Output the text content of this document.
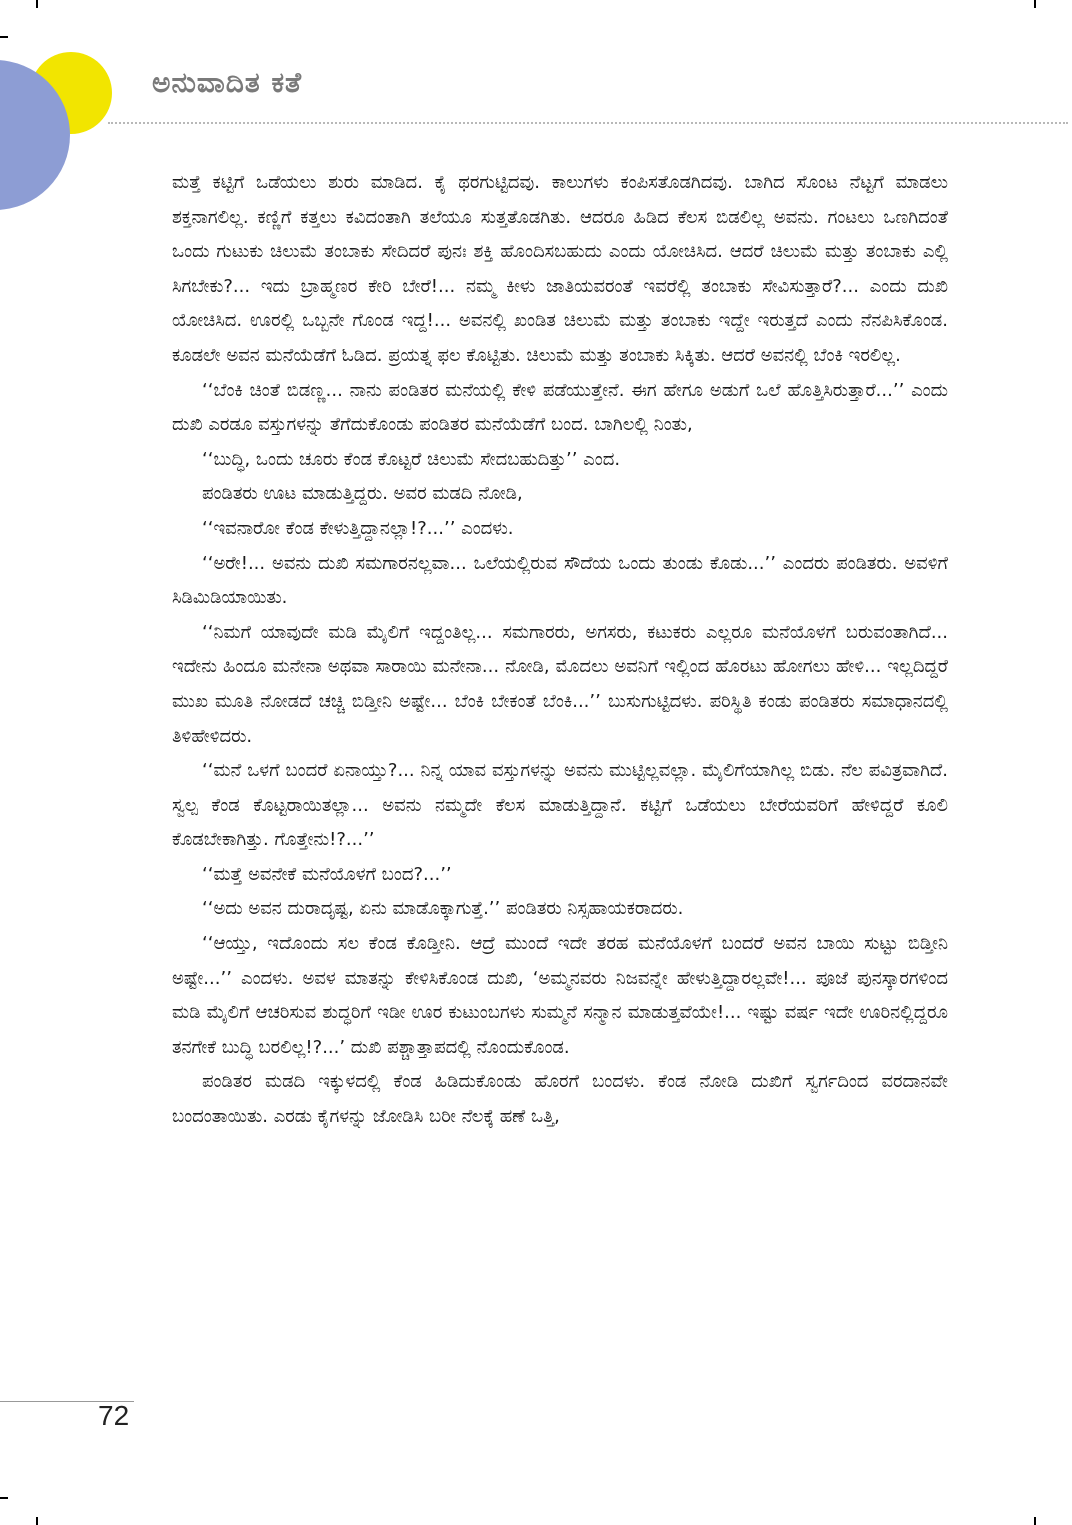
ಅನುವಾದಿತ ಕತೆ

ಮತ್ತೆ ಕಟ್ಟಿಗೆ ಒಡೆಯಲು ಶುರು ಮಾಡಿದ. ಕೈ ಥರಗುಟ್ಟಿದವು. ಕಾಲುಗಳು ಕಂಪಿಸತೊಡಗಿದವು. ಬಾಗಿದ ಸೊಂಟ ನೆಟ್ಟಗೆ ಮಾಡಲು ಶಕ್ತನಾಗಲಿಲ್ಲ. ಕಣ್ಣಿಗೆ ಕತ್ತಲು ಕವಿದಂತಾಗಿ ತಲೆಯೂ ಸುತ್ತತೊಡಗಿತು. ಆದರೂ ಹಿಡಿದ ಕೆಲಸ ಬಿಡಲಿಲ್ಲ ಅವನು. ಗಂಟಲು ಒಣಗಿದಂತೆ ಒಂದು ಗುಟುಕು ಚಿಲುಮೆ ತಂಬಾಕು ಸೇದಿದರೆ ಪುನಃ ಶಕ್ತಿ ಹೊಂದಿಸಬಹುದು ಎಂದು ಯೋಚಿಸಿದ. ಆದರೆ ಚಿಲುಮೆ ಮತ್ತು ತಂಬಾಕು ಎಲ್ಲಿ ಸಿಗಬೇಕು?... ಇದು ಬ್ರಾಹ್ಮಣರ ಕೇರಿ ಬೇರೆ!... ನಮ್ಮ ಕೀಳು ಜಾತಿಯವರಂತೆ ಇವರೆಲ್ಲಿ ತಂಬಾಕು ಸೇವಿಸುತ್ತಾರೆ?... ಎಂದು ದುಖಿ ಯೋಚಿಸಿದ. ಊರಲ್ಲಿ ಒಬ್ಬನೇ ಗೊಂಡ ಇದ್ದ!... ಅವನಲ್ಲಿ ಖಂಡಿತ ಚಿಲುಮೆ ಮತ್ತು ತಂಬಾಕು ಇದ್ದೇ ಇರುತ್ತದೆ ಎಂದು ನೆನಪಿಸಿಕೊಂಡ. ಕೂಡಲೇ ಅವನ ಮನೆಯೆಡೆಗೆ ಓಡಿದ. ಪ್ರಯತ್ನ ಫಲ ಕೊಟ್ಟಿತು. ಚಿಲುಮೆ ಮತ್ತು ತಂಬಾಕು ಸಿಕ್ಕಿತು. ಆದರೆ ಅವನಲ್ಲಿ ಬೆಂಕಿ ಇರಲಿಲ್ಲ.

‘‘ಬೆಂಕಿ ಚಿಂತೆ ಬಿಡಣ್ಣ... ನಾನು ಪಂಡಿತರ ಮನೆಯಲ್ಲಿ ಕೇಳಿ ಪಡೆಯುತ್ತೇನೆ. ಈಗ ಹೇಗೂ ಅಡುಗೆ ಒಲೆ ಹೊತ್ತಿಸಿರುತ್ತಾರೆ...’’ ಎಂದು ದುಖಿ ಎರಡೂ ವಸ್ತುಗಳನ್ನು ತೆಗೆದುಕೊಂಡು ಪಂಡಿತರ ಮನೆಯೆಡೆಗೆ ಬಂದ. ಬಾಗಿಲಲ್ಲಿ ನಿಂತು,

‘‘ಬುದ್ಧಿ, ಒಂದು ಚೂರು ಕೆಂಡ ಕೊಟ್ಟರೆ ಚಿಲುಮೆ ಸೇದಬಹುದಿತ್ತು’’ ಎಂದ.

ಪಂಡಿತರು ಊಟ ಮಾಡುತ್ತಿದ್ದರು. ಅವರ ಮಡದಿ ನೋಡಿ,

‘‘ಇವನಾರೋ ಕೆಂಡ ಕೇಳುತ್ತಿದ್ದಾನಲ್ಲಾ!?...’’ ಎಂದಳು.

‘‘ಅರೇ!... ಅವನು ದುಖಿ ಸಮಗಾರನಲ್ಲವಾ... ಒಲೆಯಲ್ಲಿರುವ ಸೌದೆಯ ಒಂದು ತುಂಡು ಕೊಡು...’’ ಎಂದರು ಪಂಡಿತರು. ಅವಳಿಗೆ ಸಿಡಿಮಿಡಿಯಾಯಿತು.

‘‘ನಿಮಗೆ ಯಾವುದೇ ಮಡಿ ಮೈಲಿಗೆ ಇದ್ದಂತಿಲ್ಲ... ಸಮಗಾರರು, ಅಗಸರು, ಕಟುಕರು ಎಲ್ಲರೂ ಮನೆಯೊಳಗೆ ಬರುವಂತಾಗಿದೆ... ಇದೇನು ಹಿಂದೂ ಮನೇನಾ ಅಥವಾ ಸಾರಾಯಿ ಮನೇನಾ... ನೋಡಿ, ಮೊದಲು ಅವನಿಗೆ ಇಲ್ಲಿಂದ ಹೊರಟು ಹೋಗಲು ಹೇಳಿ... ಇಲ್ಲದಿದ್ದರೆ ಮುಖ ಮೂತಿ ನೋಡದೆ ಚಚ್ಚಿ ಬಿಡ್ತೀನಿ ಅಷ್ಟೇ... ಬೆಂಕಿ ಬೇಕಂತೆ ಬೆಂಕಿ...’’ ಬುಸುಗುಟ್ಟಿದಳು. ಪರಿಸ್ಥಿತಿ ಕಂಡು ಪಂಡಿತರು ಸಮಾಧಾನದಲ್ಲಿ ತಿಳಿಹೇಳಿದರು.

‘‘ಮನೆ ಒಳಗೆ ಬಂದರೆ ಏನಾಯ್ತು?... ನಿನ್ನ ಯಾವ ವಸ್ತುಗಳನ್ನು ಅವನು ಮುಟ್ಟಿಲ್ಲವಲ್ಲಾ. ಮೈಲಿಗೆಯಾಗಿಲ್ಲ ಬಿಡು. ನೆಲ ಪವಿತ್ರವಾಗಿದೆ. ಸ್ವಲ್ಪ ಕೆಂಡ ಕೊಟ್ಟರಾಯಿತಲ್ಲಾ... ಅವನು ನಮ್ಮದೇ ಕೆಲಸ ಮಾಡುತ್ತಿದ್ದಾನೆ. ಕಟ್ಟಿಗೆ ಒಡೆಯಲು ಬೇರೆಯವರಿಗೆ ಹೇಳಿದ್ದರೆ ಕೂಲಿ ಕೊಡಬೇಕಾಗಿತ್ತು. ಗೊತ್ತೇನು!?...’’

‘‘ಮತ್ತೆ ಅವನೇಕೆ ಮನೆಯೊಳಗೆ ಬಂದ?...’’

‘‘ಅದು ಅವನ ದುರಾದೃಷ್ಟ, ಏನು ಮಾಡೊಕ್ಕಾಗುತ್ತೆ.’’ ಪಂಡಿತರು ನಿಸ್ಸಹಾಯಕರಾದರು.

‘‘ಆಯ್ತು, ಇದೊಂದು ಸಲ ಕೆಂಡ ಕೊಡ್ತೀನಿ. ಆದ್ರೆ ಮುಂದೆ ಇದೇ ತರಹ ಮನೆಯೊಳಗೆ ಬಂದರೆ ಅವನ ಬಾಯಿ ಸುಟ್ಟು ಬಿಡ್ತೀನಿ ಅಷ್ಟೇ...’’ ಎಂದಳು. ಅವಳ ಮಾತನ್ನು ಕೇಳಿಸಿಕೊಂಡ ದುಖಿ, ‘ಅಮ್ಮನವರು ನಿಜವನ್ನೇ ಹೇಳುತ್ತಿದ್ದಾರಲ್ಲವೇ!... ಪೂಜೆ ಪುನಸ್ಕಾರಗಳಿಂದ ಮಡಿ ಮೈಲಿಗೆ ಆಚರಿಸುವ ಶುದ್ಧರಿಗೆ ಇಡೀ ಊರ ಕುಟುಂಬಗಳು ಸುಮ್ಮನೆ ಸನ್ಮಾನ ಮಾಡುತ್ತವೆಯೇ!... ಇಷ್ಟು ವರ್ಷ ಇದೇ ಊರಿನಲ್ಲಿದ್ದರೂ ತನಗೇಕೆ ಬುದ್ಧಿ ಬರಲಿಲ್ಲ!?...’ ದುಖಿ ಪಶ್ಚಾತ್ತಾಪದಲ್ಲಿ ನೊಂದುಕೊಂಡ.

ಪಂಡಿತರ ಮಡದಿ ಇಕ್ಕುಳದಲ್ಲಿ ಕೆಂಡ ಹಿಡಿದುಕೊಂಡು ಹೊರಗೆ ಬಂದಳು. ಕೆಂಡ ನೋಡಿ ದುಖಿಗೆ ಸ್ವರ್ಗದಿಂದ ವರದಾನವೇ ಬಂದಂತಾಯಿತು. ಎರಡು ಕೈಗಳನ್ನು ಜೋಡಿಸಿ ಬರೀ ನೆಲಕ್ಕೆ ಹಣೆ ಒತ್ತಿ,

72
